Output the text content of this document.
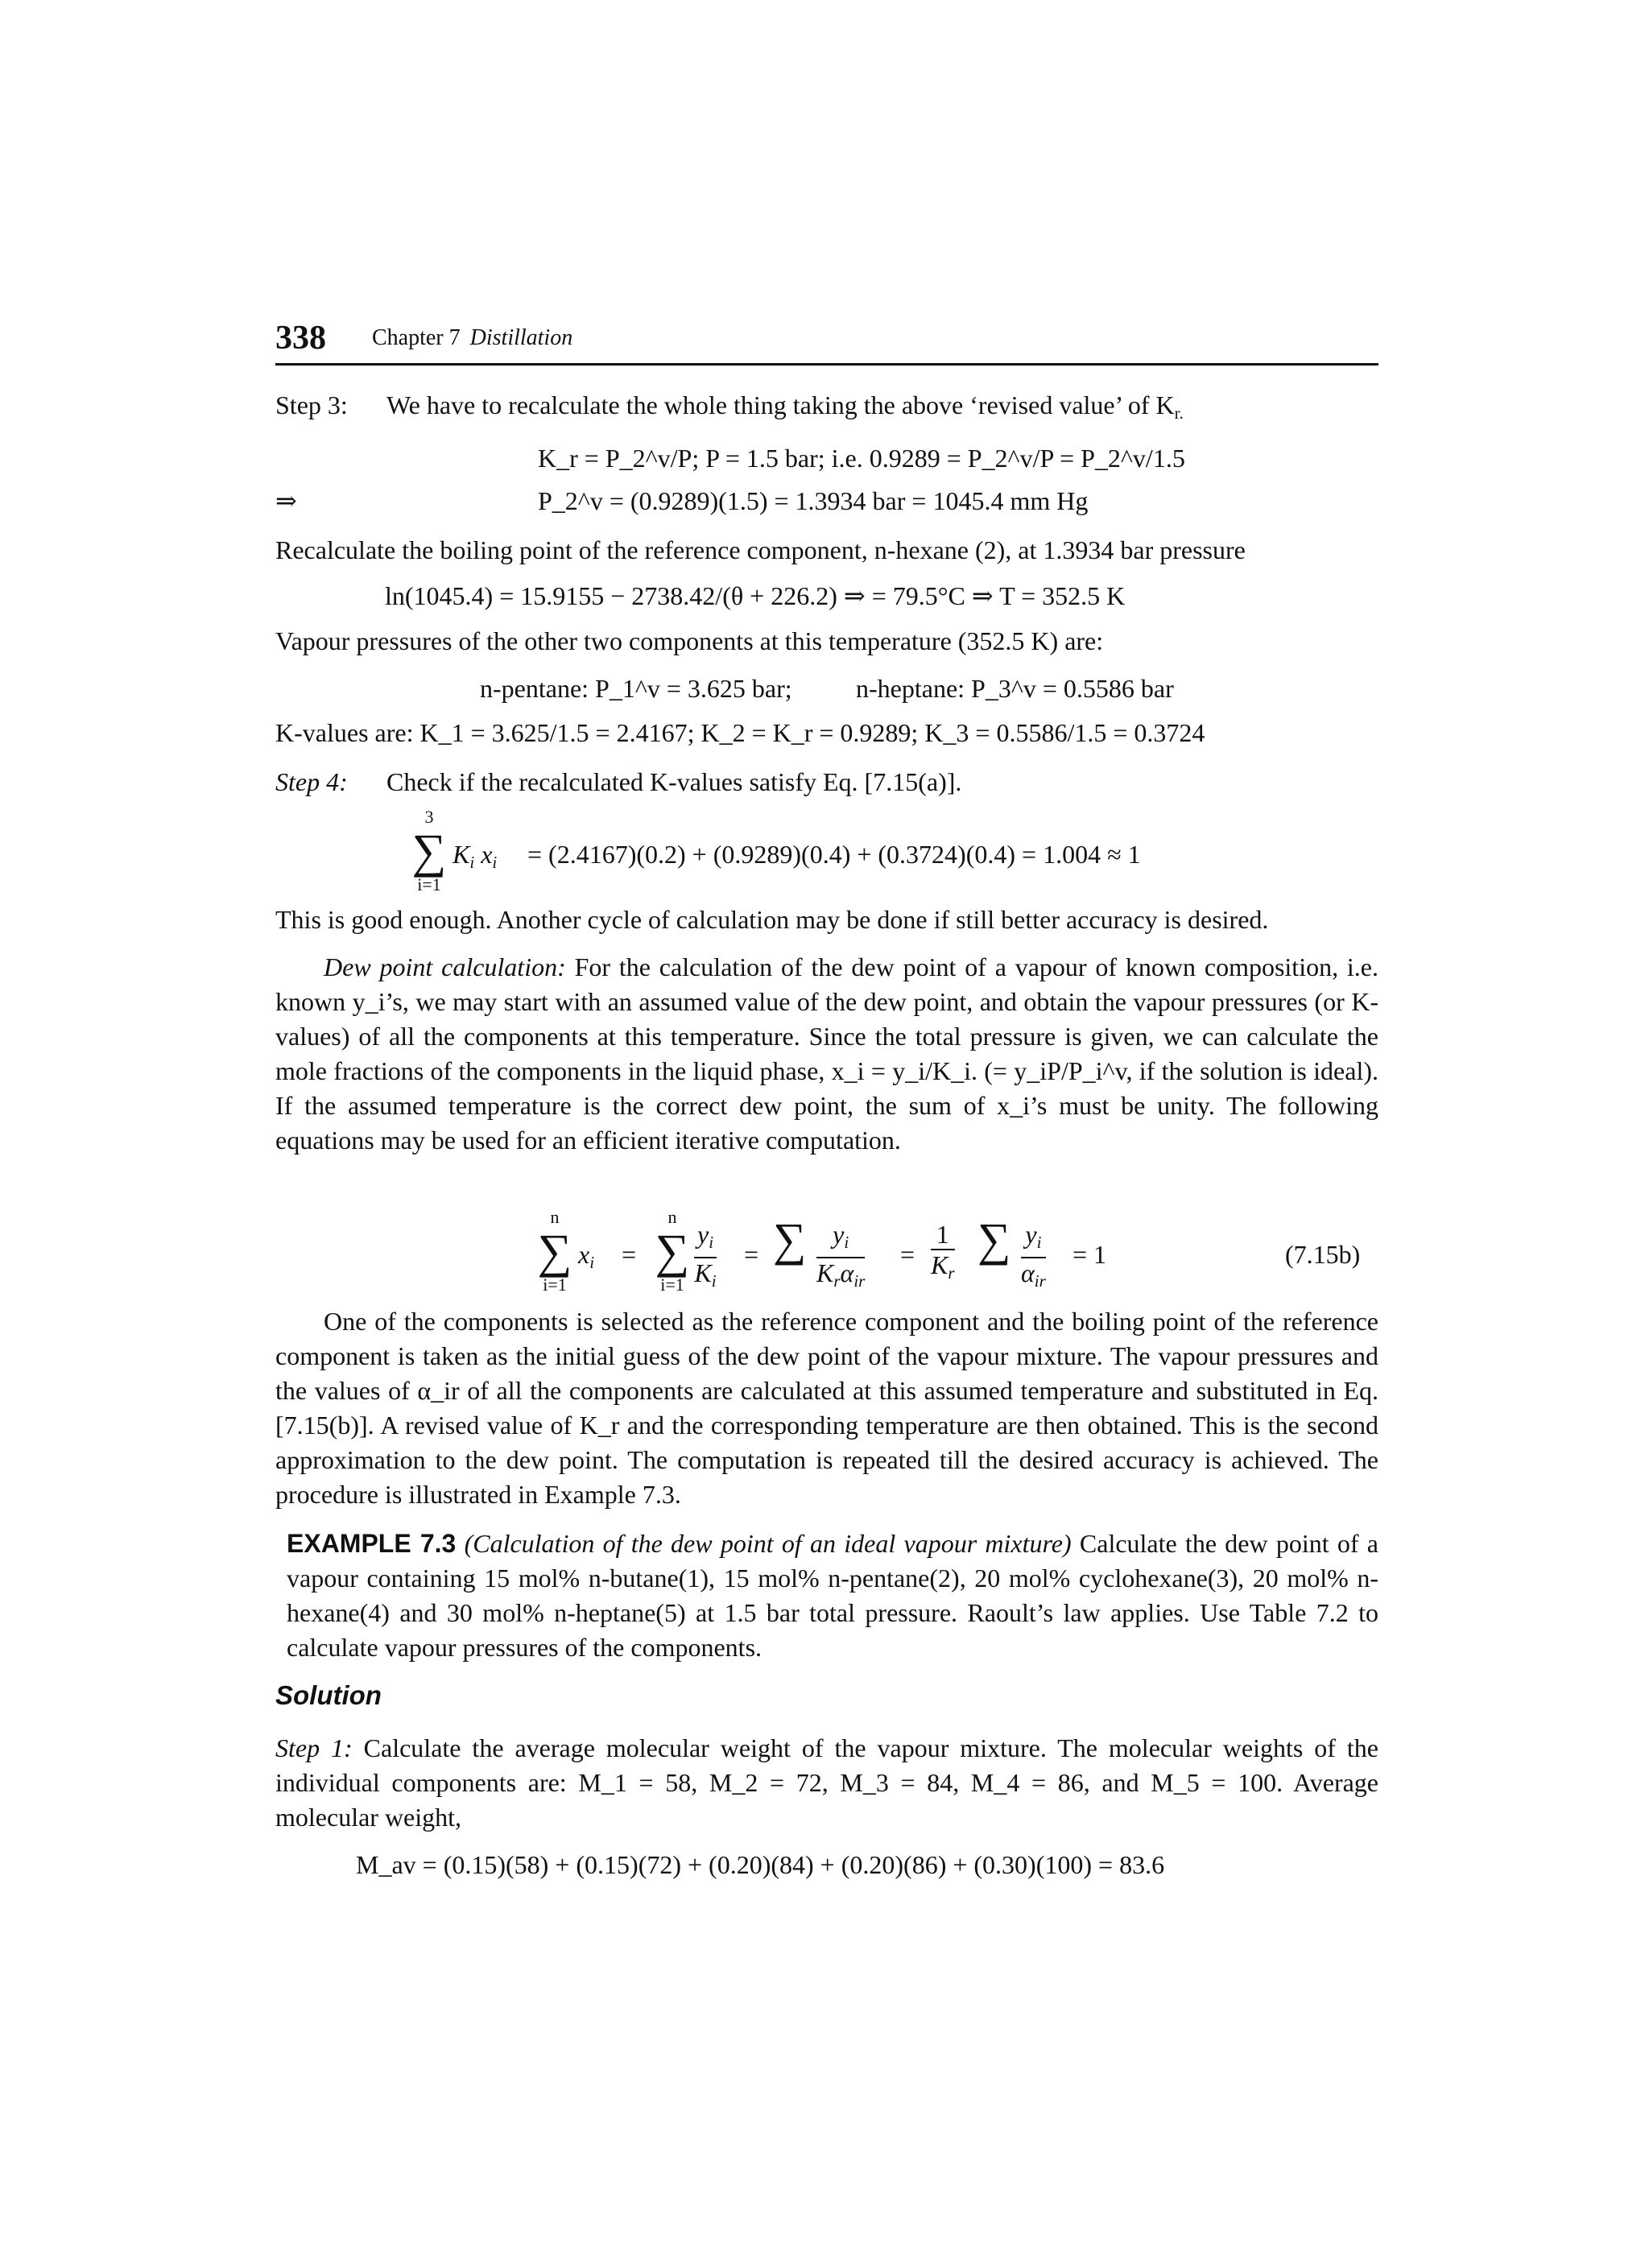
338 Chapter 7 Distillation
Step 3: We have to recalculate the whole thing taking the above ‘revised value’ of $K_{r.}$
K_r = P_2^v/P; P = 1.5 bar; i.e. 0.9289 = P_2^v/P = P_2^v/1.5
⇒	P_2^v = (0.9289)(1.5) = 1.3934 bar = 1045.4 mm Hg
Recalculate the boiling point of the reference component, n-hexane (2), at 1.3934 bar pressure
ln(1045.4) = 15.9155 − 2738.42/(θ + 226.2) ⇒ = 79.5°C ⇒ T = 352.5 K
Vapour pressures of the other two components at this temperature (352.5 K) are:
n-pentane: P_1^v = 3.625 bar; n-heptane: P_3^v = 0.5586 bar
K-values are: K_1 = 3.625/1.5 = 2.4167; K_2 = K_r = 0.9289; K_3 = 0.5586/1.5 = 0.3724
Step 4: Check if the recalculated K-values satisfy Eq. [7.15(a)].
3
∑
i=1
$K_i$ $x_i = (2.4167)(0.2) + (0.9289)(0.4) + (0.3724)(0.4) = 1.004 \approx 1$
This is good enough. Another cycle of calculation may be done if still better accuracy is desired.
Dew point calculation: For the calculation of the dew point of a vapour of known composition, i.e. known y_i’s, we may start with an assumed value of the dew point, and obtain the vapour pressures (or K-values) of all the components at this temperature. Since the total pressure is given, we can calculate the mole fractions of the components in the liquid phase, x_i = y_i/K_i. (= y_iP/P_i^v, if the solution is ideal). If the assumed temperature is the correct dew point, the sum of x_i’s must be unity. The following equations may be used for an efficient iterative computation.
n
∑
i=1
$x_i$ =
n
∑
$i=1 \frac{y_i}{K_i}$ = ∑ $\frac{y_i}{K_r\alpha_{ir}} = \frac{1}{K_r}$ ∑ $\frac{y_i}{\alpha_{ir}} = 1$	(7.15b)
One of the components is selected as the reference component and the boiling point of the reference component is taken as the initial guess of the dew point of the vapour mixture. The vapour pressures and the values of α_ir of all the components are calculated at this assumed temperature and substituted in Eq. [7.15(b)]. A revised value of K_r and the corresponding temperature are then obtained. This is the second approximation to the dew point. The computation is repeated till the desired accuracy is achieved. The procedure is illustrated in Example 7.3.
EXAMPLE 7.3 (Calculation of the dew point of an ideal vapour mixture) Calculate the dew point of a vapour containing 15 mol% n-butane(1), 15 mol% n-pentane(2), 20 mol% cyclohexane(3), 20 mol% n-hexane(4) and 30 mol% n-heptane(5) at 1.5 bar total pressure. Raoult’s law applies. Use Table 7.2 to calculate vapour pressures of the components.
Solution
Step 1: Calculate the average molecular weight of the vapour mixture. The molecular weights of the individual components are: M_1 = 58, M_2 = 72, M_3 = 84, M_4 = 86, and M_5 = 100. Average molecular weight,
M_av = (0.15)(58) + (0.15)(72) + (0.20)(84) + (0.20)(86) + (0.30)(100) = 83.6
